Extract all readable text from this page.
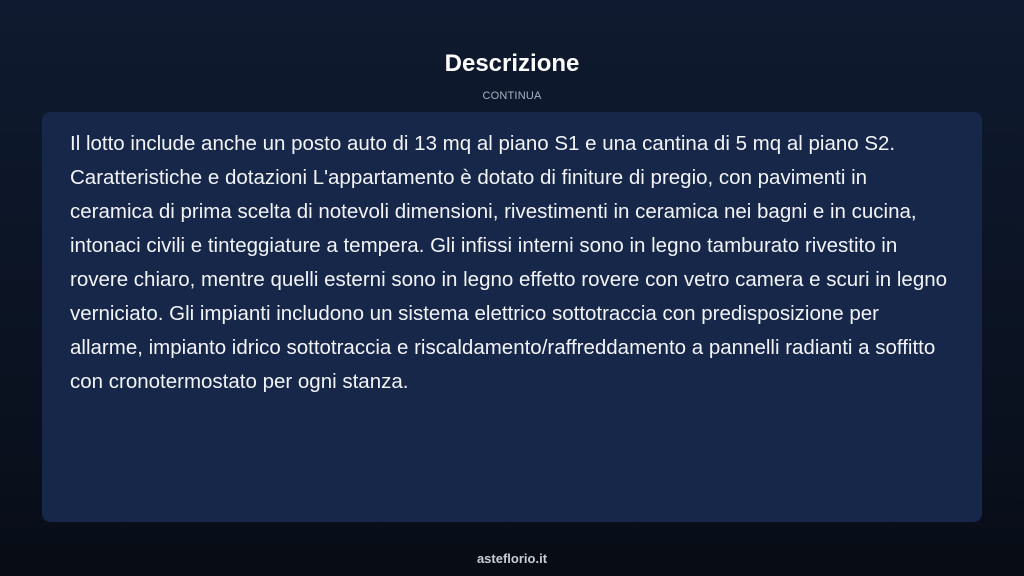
Descrizione
CONTINUA

Il lotto include anche un posto auto di 13 mq al piano S1 e una cantina di 5 mq al piano S2. Caratteristiche e dotazioni L'appartamento è dotato di finiture di pregio, con pavimenti in ceramica di prima scelta di notevoli dimensioni, rivestimenti in ceramica nei bagni e in cucina, intonaci civili e tinteggiature a tempera. Gli infissi interni sono in legno tamburato rivestito in rovere chiaro, mentre quelli esterni sono in legno effetto rovere con vetro camera e scuri in legno verniciato. Gli impianti includono un sistema elettrico sottotraccia con predisposizione per allarme, impianto idrico sottotraccia e riscaldamento/raffreddamento a pannelli radianti a soffitto con cronotermostato per ogni stanza.

asteflorio.it
